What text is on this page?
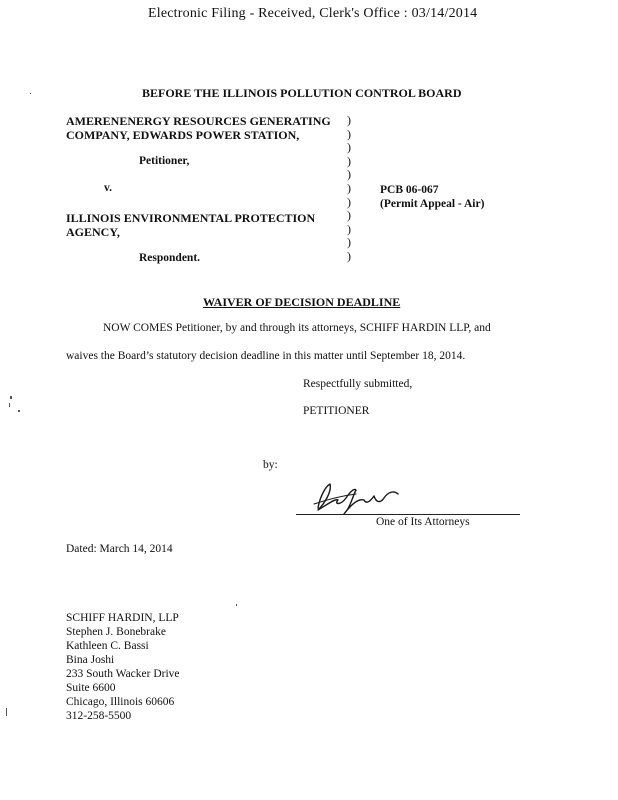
Electronic Filing - Received, Clerk's Office : 03/14/2014
BEFORE THE ILLINOIS POLLUTION CONTROL BOARD
AMERENENERGY RESOURCES GENERATING
COMPANY, EDWARDS POWER STATION,
Petitioner,
v.
ILLINOIS ENVIRONMENTAL PROTECTION
AGENCY,
Respondent.
)
)
)
)
)
)
)
)
)
)
)
PCB 06-067
(Permit Appeal - Air)
WAIVER OF DECISION DEADLINE
NOW COMES Petitioner, by and through its attorneys, SCHIFF HARDIN LLP, and
waives the Board’s statutory decision deadline in this matter until September 18, 2014.
Respectfully submitted,
PETITIONER
by:
One of Its Attorneys
Dated: March 14, 2014
SCHIFF HARDIN, LLP
Stephen J. Bonebrake
Kathleen C. Bassi
Bina Joshi
233 South Wacker Drive
Suite 6600
Chicago, Illinois 60606
312-258-5500
